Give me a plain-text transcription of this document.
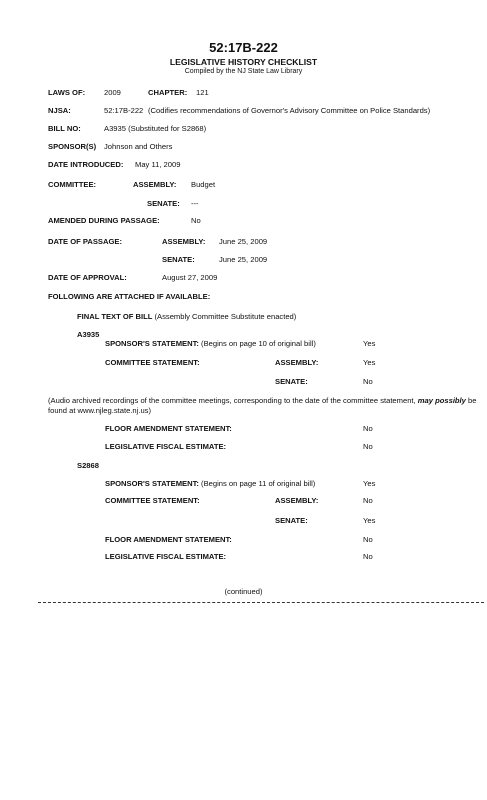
52:17B-222
LEGISLATIVE HISTORY CHECKLIST
Compiled by the NJ State Law Library
LAWS OF: 2009	CHAPTER: 121
NJSA:	52:17B-222 (Codifies recommendations of Governor's Advisory Committee on Police Standards)
BILL NO:	A3935 (Substituted for S2868)
SPONSOR(S) Johnson and Others
DATE INTRODUCED: May 11, 2009
COMMITTEE:	ASSEMBLY: Budget
SENATE: ---
AMENDED DURING PASSAGE:	No
DATE OF PASSAGE:	ASSEMBLY: June 25, 2009
SENATE:	June 25, 2009
DATE OF APPROVAL:	August 27, 2009
FOLLOWING ARE ATTACHED IF AVAILABLE:
FINAL TEXT OF BILL (Assembly Committee Substitute enacted)
A3935
SPONSOR'S STATEMENT: (Begins on page 10 of original bill)	Yes
COMMITTEE STATEMENT:	ASSEMBLY:	Yes
SENATE:	No
(Audio archived recordings of the committee meetings, corresponding to the date of the committee statement, may possibly be found at www.njleg.state.nj.us)
FLOOR AMENDMENT STATEMENT:	No
LEGISLATIVE FISCAL ESTIMATE:	No
S2868
SPONSOR'S STATEMENT: (Begins on page 11 of original bill)	Yes
COMMITTEE STATEMENT:	ASSEMBLY:	No
SENATE:	Yes
FLOOR AMENDMENT STATEMENT:	No
LEGISLATIVE FISCAL ESTIMATE:	No
(continued)
